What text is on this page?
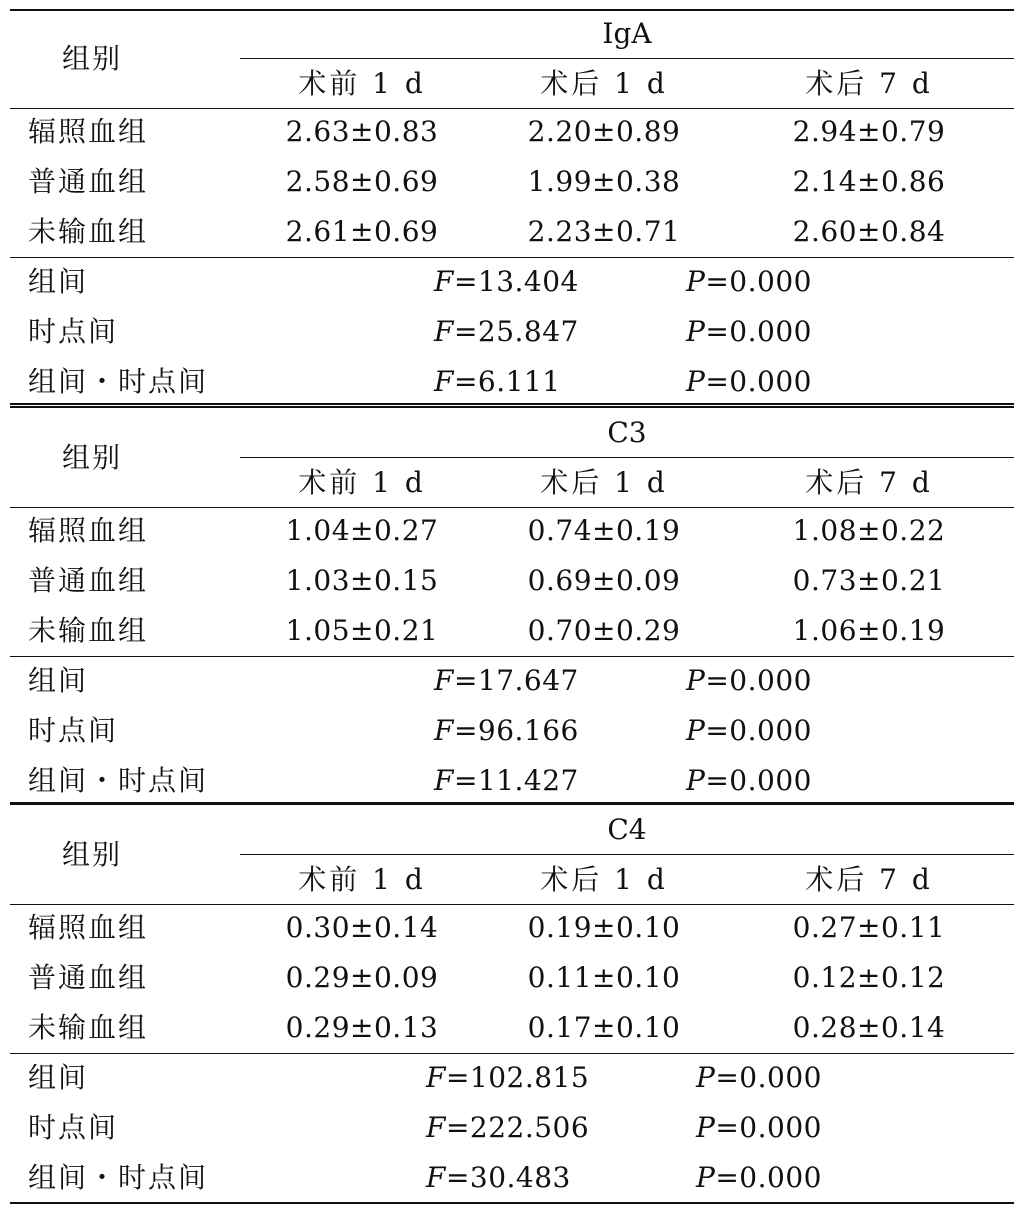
组别
IgA
术前 1 d	术后 1 d	术后 7 d
辐照血组	2.63±0.83	2.20±0.89	2.94±0.79
普通血组	2.58±0.69	1.99±0.38	2.14±0.86
未输血组	2.61±0.69	2.23±0.71	2.60±0.84
组间	F=13.404	P=0.000
时点间	F=25.847	P=0.000
组间・时点间	F=6.111	P=0.000
组别
C3
术前 1 d	术后 1 d	术后 7 d
辐照血组	1.04±0.27	0.74±0.19	1.08±0.22
普通血组	1.03±0.15	0.69±0.09	0.73±0.21
未输血组	1.05±0.21	0.70±0.29	1.06±0.19
组间	F=17.647	P=0.000
时点间	F=96.166	P=0.000
组间・时点间	F=11.427	P=0.000
组别
C4
术前 1 d	术后 1 d	术后 7 d
辐照血组	0.30±0.14	0.19±0.10	0.27±0.11
普通血组	0.29±0.09	0.11±0.10	0.12±0.12
未输血组	0.29±0.13	0.17±0.10	0.28±0.14
组间	F=102.815	P=0.000
时点间	F=222.506	P=0.000
组间・时点间	F=30.483	P=0.000
